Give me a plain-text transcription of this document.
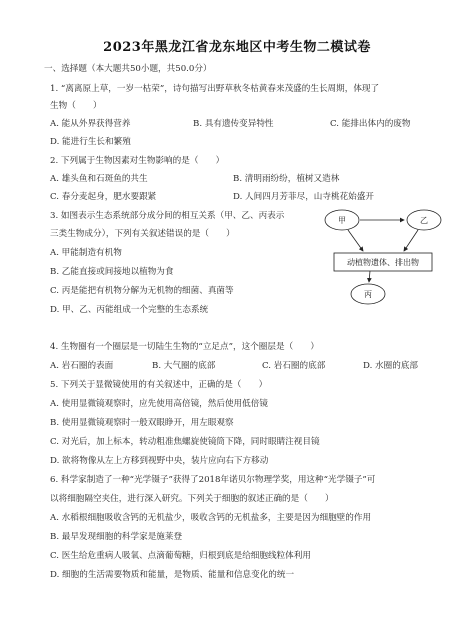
2023年黑龙江省龙东地区中考生物二模试卷
一、选择题（本大题共50小题，共50.0分）
1. “离离原上草，一岁一枯荣”，诗句描写出野草秋冬枯黄春来茂盛的生长周期，体现了
生物（　　）
A. 能从外界获得营养	B. 具有遗传变异特性	C. 能排出体内的废物
D. 能进行生长和繁殖
2. 下列属于生物因素对生物影响的是（　　）
A. 雄头鱼和石斑鱼的共生	B. 清明雨纷纷，植树又造林
C. 春分麦起身，肥水要跟紧	D. 人间四月芳菲尽，山寺桃花始盛开
3. 如图表示生态系统部分成分间的相互关系（甲、乙、丙表示
三类生物成分），下列有关叙述错误的是（　　）
A. 甲能制造有机物
B. 乙能直接或间接地以植物为食
C. 丙是能把有机物分解为无机物的细菌、真菌等
D. 甲、乙、丙能组成一个完整的生态系统
甲	乙
动植物遗体、排出物
丙
4. 生物圈有一个圈层是一切陆生生物的“立足点”，这个圈层是（　　）
A. 岩石圈的表面	B. 大气圈的底部	C. 岩石圈的底部	D. 水圈的底部
5. 下列关于显微镜使用的有关叙述中，正确的是（　　）
A. 使用显微镜观察时，应先使用高倍镜，然后使用低倍镜
B. 使用显微镜观察时一般双眼睁开，用左眼观察
C. 对光后，加上标本，转动粗准焦螺旋使镜筒下降，同时眼睛注视目镜
D. 欲将物像从左上方移到视野中央，装片应向右下方移动
6. 科学家制造了一种“光学镊子”获得了2018年诺贝尔物理学奖，用这种“光学镊子”可
以将细胞隔空夹住，进行深入研究。下列关于细胞的叙述正确的是（　　）
A. 水稻根细胞吸收含钙的无机盐少，吸收含钙的无机盐多，主要是因为细胞壁的作用
B. 最早发现细胞的科学家是施莱登
C. 医生给危重病人吸氧、点滴葡萄糖，归根到底是给细胞线粒体利用
D. 细胞的生活需要物质和能量，是物质、能量和信息变化的统一
